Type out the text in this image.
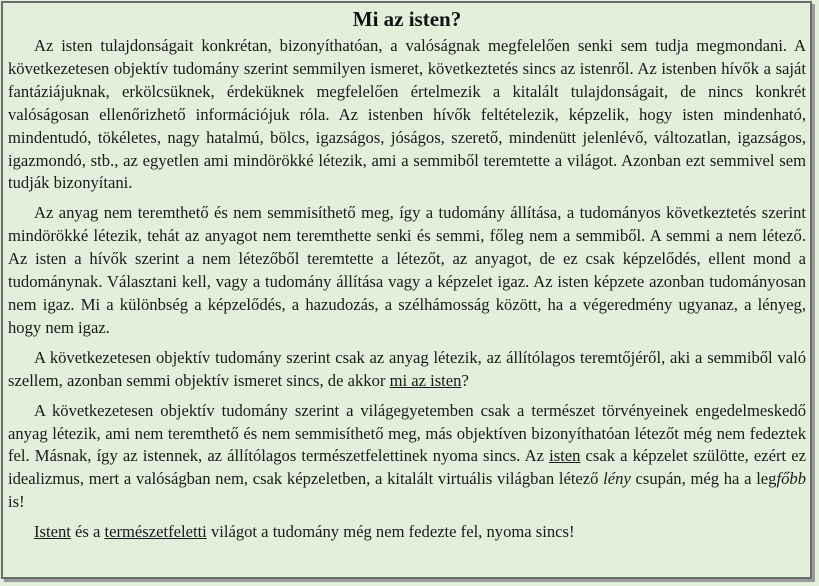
Mi az isten?

Az isten tulajdonságait konkrétan, bizonyíthatóan, a valóságnak megfelelően senki sem tudja megmondani. A következetesen objektív tudomány szerint semmilyen ismeret, következtetés sincs az istenről. Az istenben hívők a saját fantáziájuknak, erkölcsüknek, érdeküknek megfelelően értelmezik a kitalált tulajdonságait, de nincs konkrét valóságosan ellenőrizhető információjuk róla. Az istenben hívők feltételezik, képzelik, hogy isten mindenható, mindentudó, tökéletes, nagy hatalmú, bölcs, igazságos, jóságos, szerető, mindenütt jelenlévő, változatlan, igazságos, igazmondó, stb., az egyetlen ami mindörökké létezik, ami a semmiből teremtette a világot. Azonban ezt semmivel sem tudják bizonyítani.

Az anyag nem teremthető és nem semmisíthető meg, így a tudomány állítása, a tudományos következtetés szerint mindörökké létezik, tehát az anyagot nem teremthette senki és semmi, főleg nem a semmiből. A semmi a nem létező. Az isten a hívők szerint a nem létezőből teremtette a létezőt, az anyagot, de ez csak képzelődés, ellent mond a tudománynak. Választani kell, vagy a tudomány állítása vagy a képzelet igaz. Az isten képzete azonban tudományosan nem igaz. Mi a különbség a képzelődés, a hazudozás, a szélhámosság között, ha a végeredmény ugyanaz, a lényeg, hogy nem igaz.

A következetesen objektív tudomány szerint csak az anyag létezik, az állítólagos teremtőjéről, aki a semmiből való szellem, azonban semmi objektív ismeret sincs, de akkor mi az isten?

A következetesen objektív tudomány szerint a világegyetemben csak a természet törvényeinek engedelmeskedő anyag létezik, ami nem teremthető és nem semmisíthető meg, más objektíven bizonyíthatóan létezőt még nem fedeztek fel. Másnak, így az istennek, az állítólagos természetfelettinek nyoma sincs. Az isten csak a képzelet szülötte, ezért ez idealizmus, mert a valóságban nem, csak képzeletben, a kitalált virtuális világban létező lény csupán, még ha a legfőbb is!

Istent és a természetfeletti világot a tudomány még nem fedezte fel, nyoma sincs!
